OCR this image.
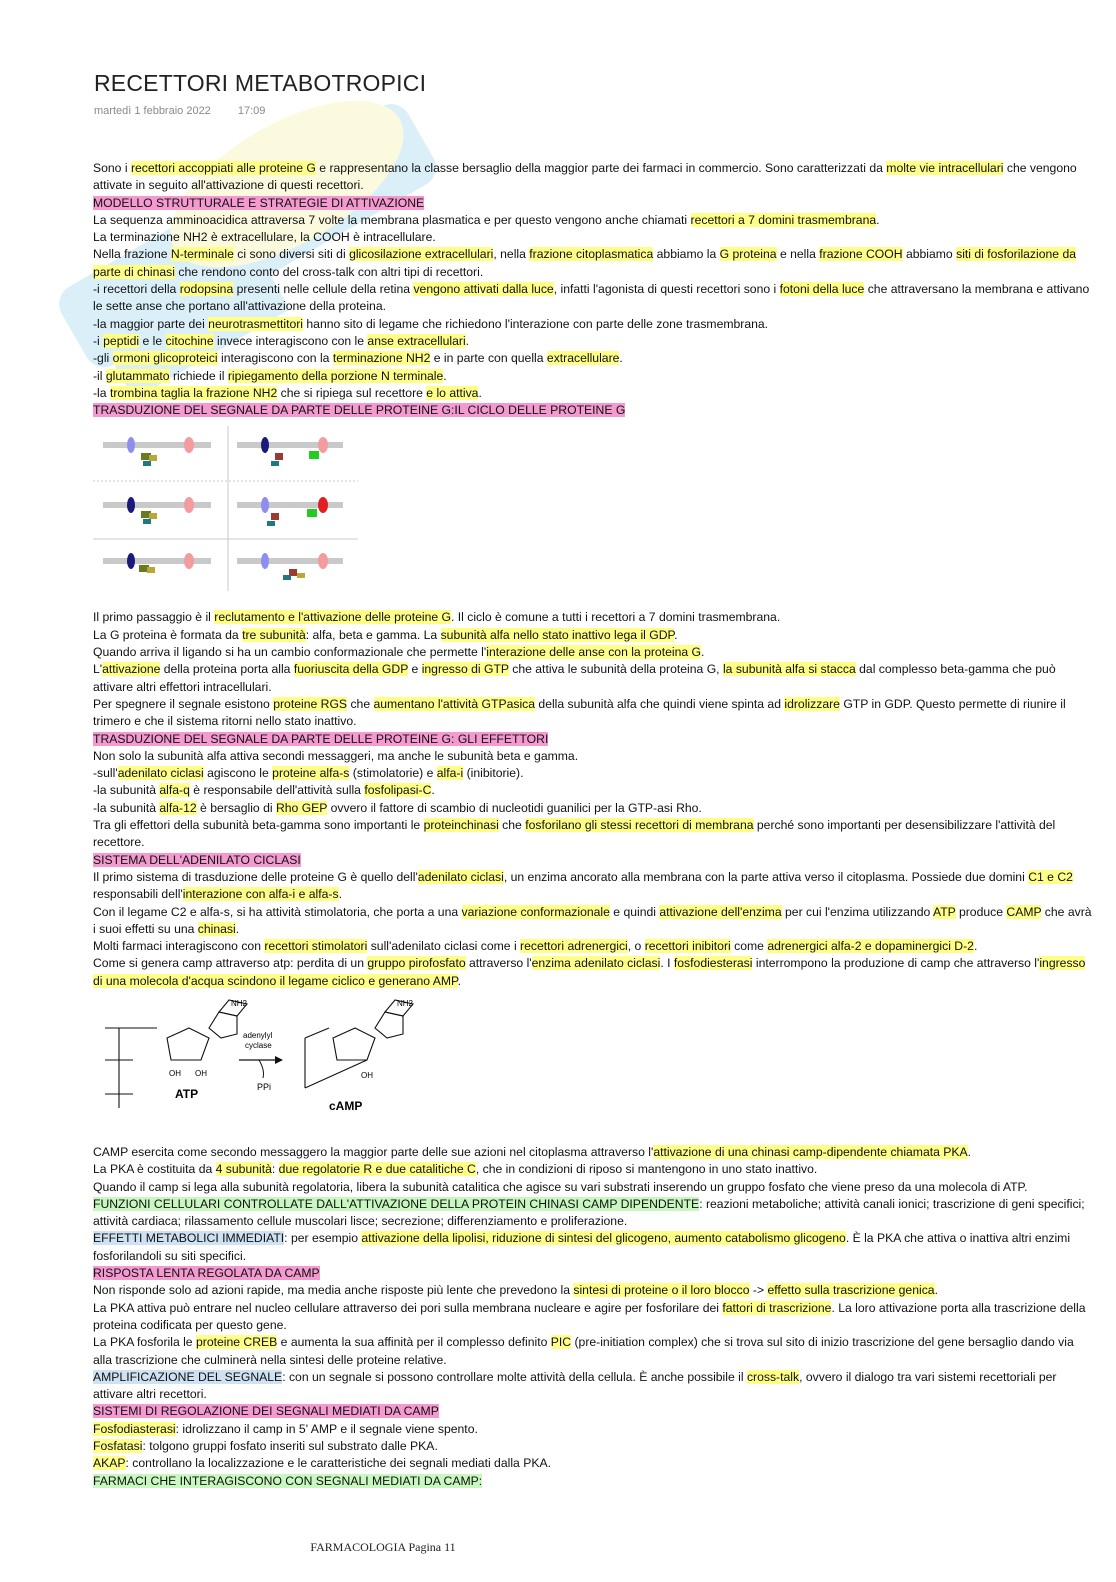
RECETTORI METABOTROPICI
martedì 1 febbraio 2022 17:09

Sono i recettori accoppiati alle proteine G e rappresentano la classe bersaglio della maggior parte dei farmaci in commercio. Sono caratterizzati da molte vie intracellulari che vengono attivate in seguito all'attivazione di questi recettori.

MODELLO STRUTTURALE E STRATEGIE DI ATTIVAZIONE

La sequenza amminoacidica attraversa 7 volte la membrana plasmatica e per questo vengono anche chiamati recettori a 7 domini trasmembrana.

La terminazione NH2 è extracellulare, la COOH è intracellulare.

Nella frazione N-terminale ci sono diversi siti di glicosilazione extracellulari, nella frazione citoplasmatica abbiamo la G proteina e nella frazione COOH abbiamo siti di fosforilazione da parte di chinasi che rendono conto del cross-talk con altri tipi di recettori.

-i recettori della rodopsina presenti nelle cellule della retina vengono attivati dalla luce, infatti l'agonista di questi recettori sono i fotoni della luce che attraversano la membrana e attivano le sette anse che portano all'attivazione della proteina.

-la maggior parte dei neurotrasmettitori hanno sito di legame che richiedono l'interazione con parte delle zone trasmembrana.

-i peptidi e le citochine invece interagiscono con le anse extracellulari.

-gli ormoni glicoproteici interagiscono con la terminazione NH2 e in parte con quella extracellulare.

-il glutammato richiede il ripiegamento della porzione N terminale.

-la trombina taglia la frazione NH2 che si ripiega sul recettore e lo attiva.

TRASDUZIONE DEL SEGNALE DA PARTE DELLE PROTEINE G:IL CICLO DELLE PROTEINE G

Il primo passaggio è il reclutamento e l'attivazione delle proteine G. Il ciclo è comune a tutti i recettori a 7 domini trasmembrana.

La G proteina è formata da tre subunità: alfa, beta e gamma. La subunità alfa nello stato inattivo lega il GDP.

Quando arriva il ligando si ha un cambio conformazionale che permette l'interazione delle anse con la proteina G.

L'attivazione della proteina porta alla fuoriuscita della GDP e ingresso di GTP che attiva le subunità della proteina G, la subunità alfa si stacca dal complesso beta-gamma che può attivare altri effettori intracellulari.

Per spegnere il segnale esistono proteine RGS che aumentano l'attività GTPasica della subunità alfa che quindi viene spinta ad idrolizzare GTP in GDP. Questo permette di riunire il trimero e che il sistema ritorni nello stato inattivo.

TRASDUZIONE DEL SEGNALE DA PARTE DELLE PROTEINE G: GLI EFFETTORI

Non solo la subunità alfa attiva secondi messaggeri, ma anche le subunità beta e gamma.

-sull'adenilato ciclasi agiscono le proteine alfa-s (stimolatorie) e alfa-i (inibitorie).

-la subunità alfa-q è responsabile dell'attività sulla fosfolipasi-C.

-la subunità alfa-12 è bersaglio di Rho GEP ovvero il fattore di scambio di nucleotidi guanilici per la GTP-asi Rho.

Tra gli effettori della subunità beta-gamma sono importanti le proteinchinasi che fosforilano gli stessi recettori di membrana perché sono importanti per desensibilizzare l'attività del recettore.

SISTEMA DELL'ADENILATO CICLASI

Il primo sistema di trasduzione delle proteine G è quello dell'adenilato ciclasi, un enzima ancorato alla membrana con la parte attiva verso il citoplasma. Possiede due domini C1 e C2 responsabili dell'interazione con alfa-i e alfa-s.

Con il legame C2 e alfa-s, si ha attività stimolatoria, che porta a una variazione conformazionale e quindi attivazione dell'enzima per cui l'enzima utilizzando ATP produce CAMP che avrà i suoi effetti su una chinasi.

Molti farmaci interagiscono con recettori stimolatori sull'adenilato ciclasi come i recettori adrenergici, o recettori inibitori come adrenergici alfa-2 e dopaminergici D-2.

Come si genera camp attraverso atp: perdita di un gruppo pirofosfato attraverso l'enzima adenilato ciclasi. I fosfodiesterasi interrompono la produzione di camp che attraverso l'ingresso di una molecola d'acqua scindono il legame ciclico e generano AMP.

ATP
OH OH
NH2
adenylyl
cyclase
PPi
cAMP
OH
NH2

CAMP esercita come secondo messaggero la maggior parte delle sue azioni nel citoplasma attraverso l'attivazione di una chinasi camp-dipendente chiamata PKA.

La PKA è costituita da 4 subunità: due regolatorie R e due catalitiche C, che in condizioni di riposo si mantengono in uno stato inattivo.

Quando il camp si lega alla subunità regolatoria, libera la subunità catalitica che agisce su vari substrati inserendo un gruppo fosfato che viene preso da una molecola di ATP.

FUNZIONI CELLULARI CONTROLLATE DALL'ATTIVAZIONE DELLA PROTEIN CHINASI CAMP DIPENDENTE: reazioni metaboliche; attività canali ionici; trascrizione di geni specifici; attività cardiaca; rilassamento cellule muscolari lisce; secrezione; differenziamento e proliferazione.

EFFETTI METABOLICI IMMEDIATI: per esempio attivazione della lipolisi, riduzione di sintesi del glicogeno, aumento catabolismo glicogeno. È la PKA che attiva o inattiva altri enzimi fosforilandoli su siti specifici.

RISPOSTA LENTA REGOLATA DA CAMP

Non risponde solo ad azioni rapide, ma media anche risposte più lente che prevedono la sintesi di proteine o il loro blocco -> effetto sulla trascrizione genica.

La PKA attiva può entrare nel nucleo cellulare attraverso dei pori sulla membrana nucleare e agire per fosforilare dei fattori di trascrizione. La loro attivazione porta alla trascrizione della proteina codificata per questo gene.

La PKA fosforila le proteine CREB e aumenta la sua affinità per il complesso definito PIC (pre-initiation complex) che si trova sul sito di inizio trascrizione del gene bersaglio dando via alla trascrizione che culminerà nella sintesi delle proteine relative.

AMPLIFICAZIONE DEL SEGNALE: con un segnale si possono controllare molte attività della cellula. È anche possibile il cross-talk, ovvero il dialogo tra vari sistemi recettoriali per attivare altri recettori.

SISTEMI DI REGOLAZIONE DEI SEGNALI MEDIATI DA CAMP

Fosfodiasterasi: idrolizzano il camp in 5' AMP e il segnale viene spento.

Fosfatasi: tolgono gruppi fosfato inseriti sul substrato dalle PKA.

AKAP: controllano la localizzazione e le caratteristiche dei segnali mediati dalla PKA.

FARMACI CHE INTERAGISCONO CON SEGNALI MEDIATI DA CAMP:

FARMACOLOGIA Pagina 11
